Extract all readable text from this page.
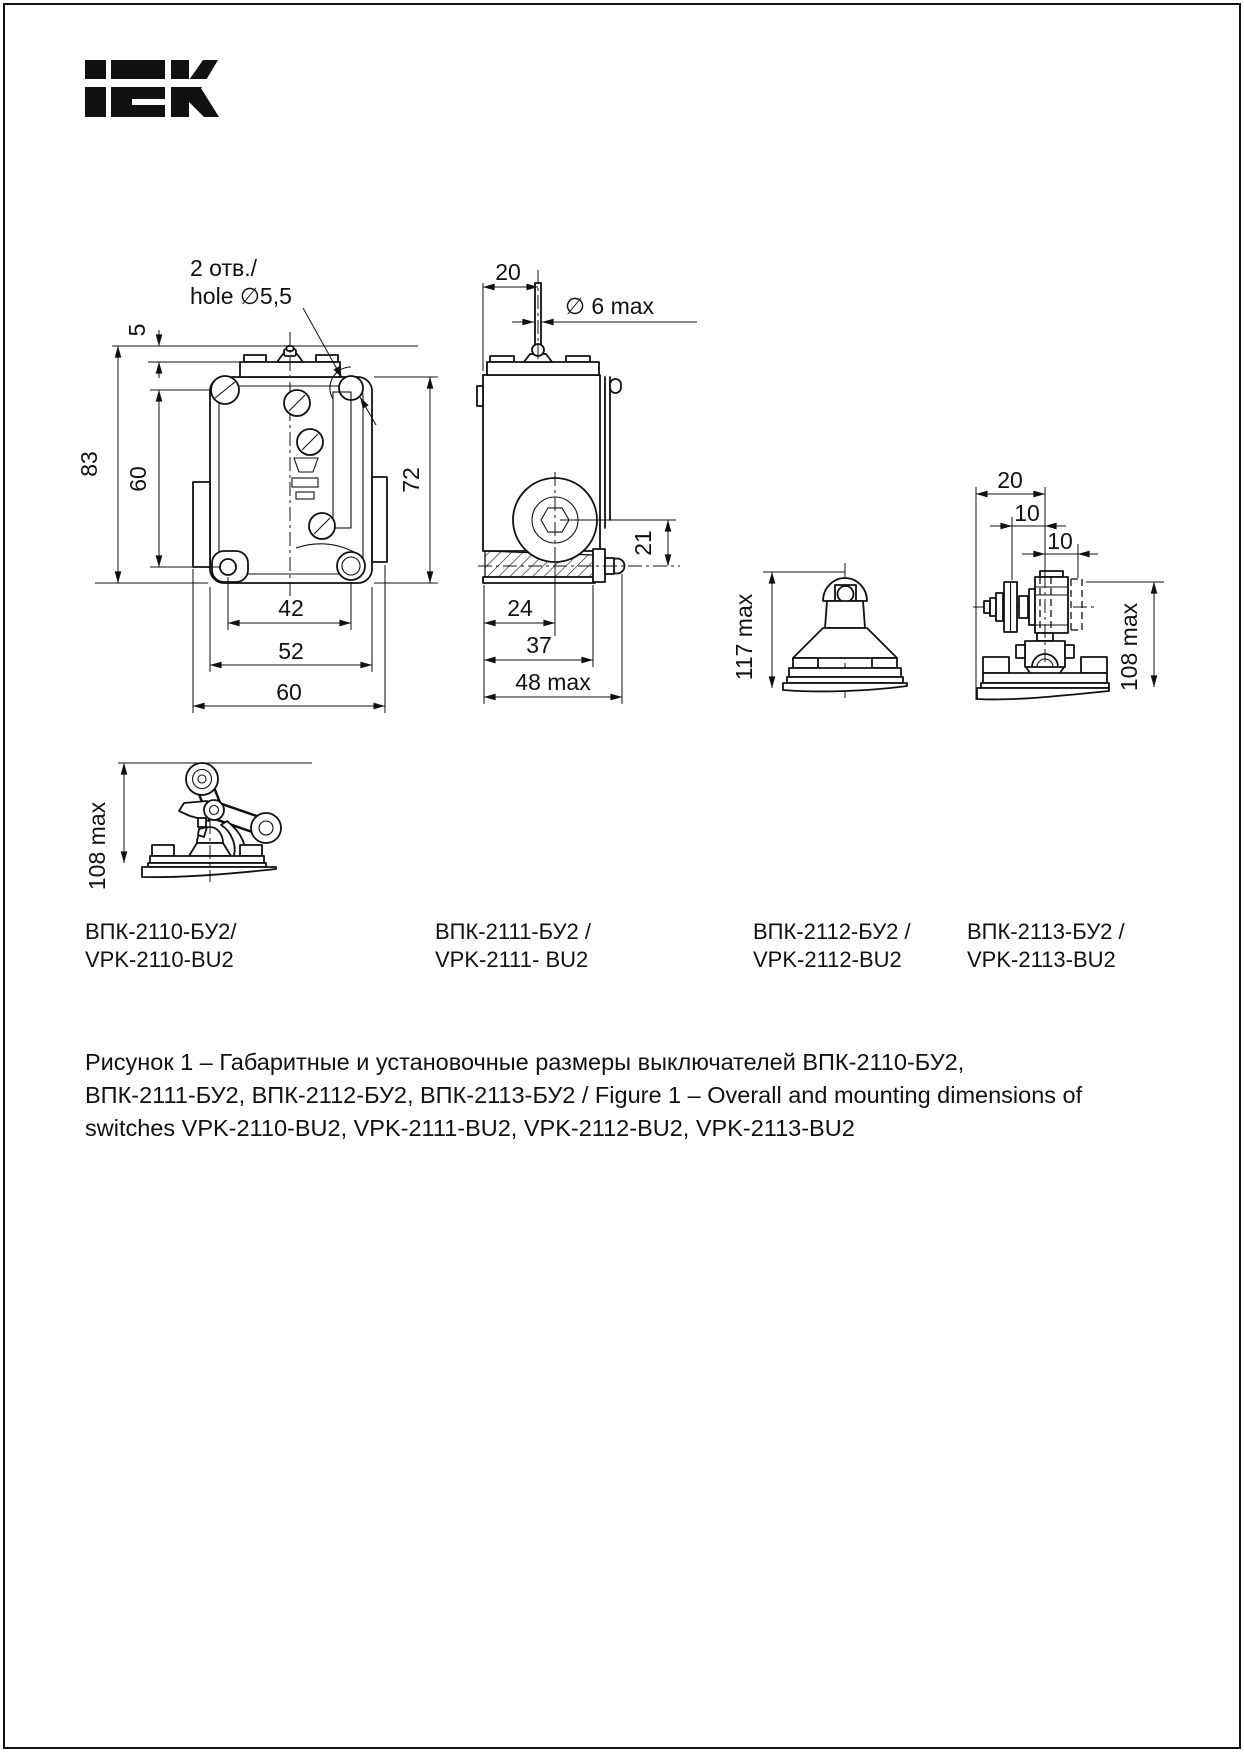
2 отв./
hole ∅5,5
5
83
60	72
42
52
60
20
∅ 6 max
21
24
37
48 max
117 max
20
10
10
108 max
108 max
ВПК-2110-БУ2/
VPK-2110-BU2
ВПК-2111-БУ2 /
VPK-2111- BU2
ВПК-2112-БУ2 /
VPK-2112-BU2
ВПК-2113-БУ2 /
VPK-2113-BU2
Рисунок 1 – Габаритные и установочные размеры выключателей ВПК-2110-БУ2,
ВПК-2111-БУ2, ВПК-2112-БУ2, ВПК-2113-БУ2 / Figure 1 – Overall and mounting dimensions of
switches VPK-2110-BU2, VPK-2111-BU2, VPK-2112-BU2, VPK-2113-BU2
